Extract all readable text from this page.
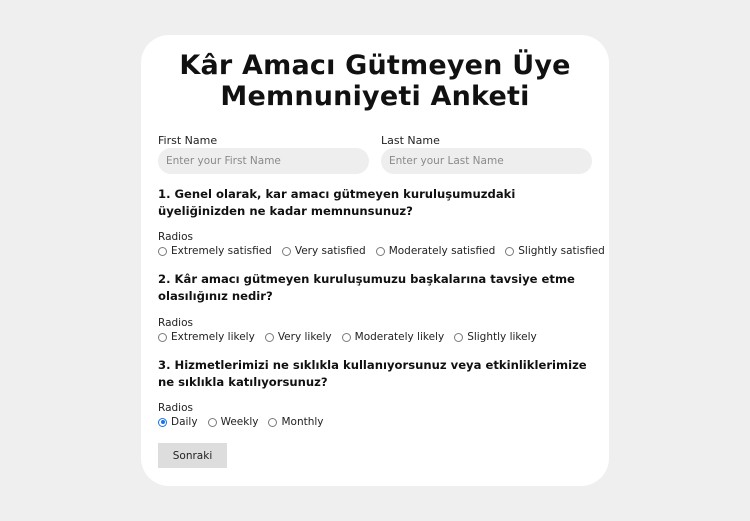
Kâr Amacı Gütmeyen Üye
Memnuniyeti Anketi
First Name
Enter your First Name	Last Name
Enter your Last Name

1. Genel olarak, kar amacı gütmeyen kuruluşumuzdaki üyeliğinizden ne kadar memnunsunuz?

Radios
Extremely satisfied Very satisfied Moderately satisfied Slightly satisfied

2. Kâr amacı gütmeyen kuruluşumuzu başkalarına tavsiye etme olasılığınız nedir?

Radios
Extremely likely Very likely Moderately likely Slightly likely

3. Hizmetlerimizi ne sıklıkla kullanıyorsunuz veya etkinliklerimize ne sıklıkla katılıyorsunuz?

Radios
Daily Weekly Monthly
Sonraki
